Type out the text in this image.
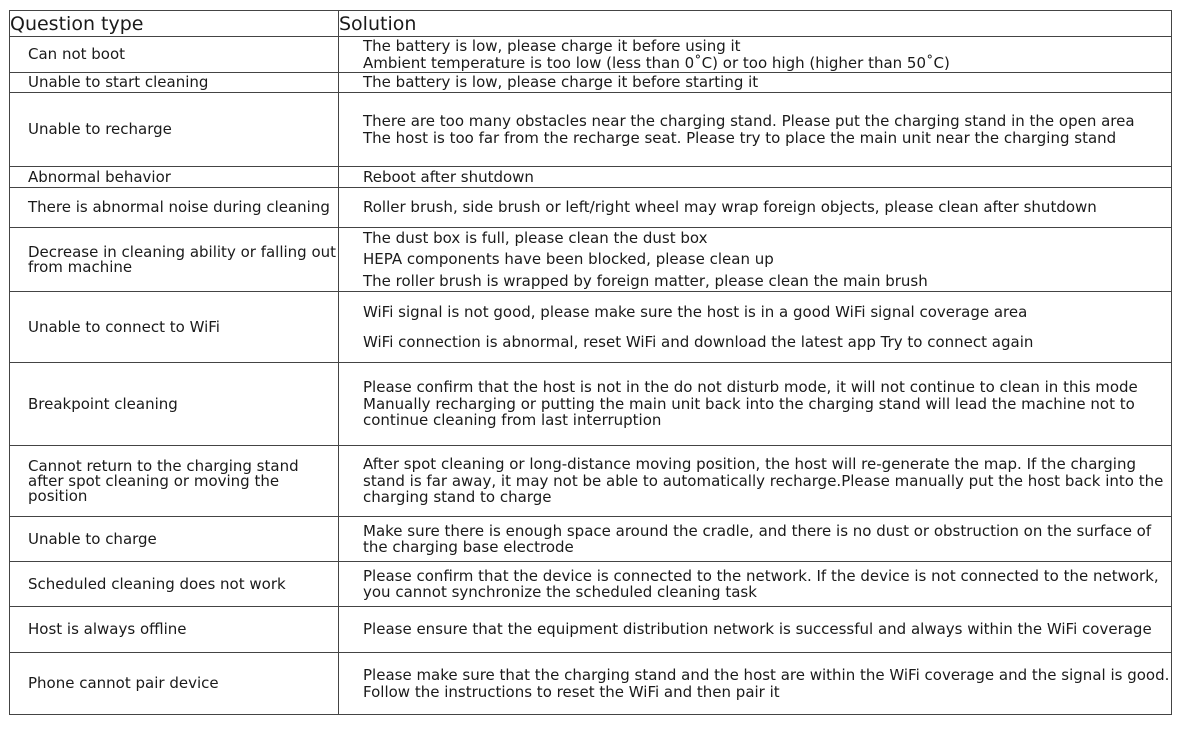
Question type	Solution
Can not boot	The battery is low, please charge it before using it
Ambient temperature is too low (less than 0˚C) or too high (higher than 50˚C)

Unable to start cleaning	The battery is low, please charge it before starting it

Unable to recharge	There are too many obstacles near the charging stand. Please put the charging stand in the open area
The host is too far from the recharge seat. Please try to place the main unit near the charging stand

Abnormal behavior	Reboot after shutdown

There is abnormal noise during cleaning	Roller brush, side brush or left/right wheel may wrap foreign objects, please clean after shutdown

Decrease in cleaning ability or falling out from machine	The dust box is full, please clean the dust box
HEPA components have been blocked, please clean up
The roller brush is wrapped by foreign matter, please clean the main brush

Unable to connect to WiFi	WiFi signal is not good, please make sure the host is in a good WiFi signal coverage area
WiFi connection is abnormal, reset WiFi and download the latest app Try to connect again

Breakpoint cleaning	Please confirm that the host is not in the do not disturb mode, it will not continue to clean in this mode
Manually recharging or putting the main unit back into the charging stand will lead the machine not to continue cleaning from last interruption

Cannot return to the charging stand after spot cleaning or moving the position	After spot cleaning or long-distance moving position, the host will re-generate the map. If the charging stand is far away, it may not be able to automatically recharge.Please manually put the host back into the charging stand to charge

Unable to charge	Make sure there is enough space around the cradle, and there is no dust or obstruction on the surface of the charging base electrode

Scheduled cleaning does not work	Please confirm that the device is connected to the network. If the device is not connected to the network, you cannot synchronize the scheduled cleaning task

Host is always offline	Please ensure that the equipment distribution network is successful and always within the WiFi coverage

Phone cannot pair device	Please make sure that the charging stand and the host are within the WiFi coverage and the signal is good. Follow the instructions to reset the WiFi and then pair it
